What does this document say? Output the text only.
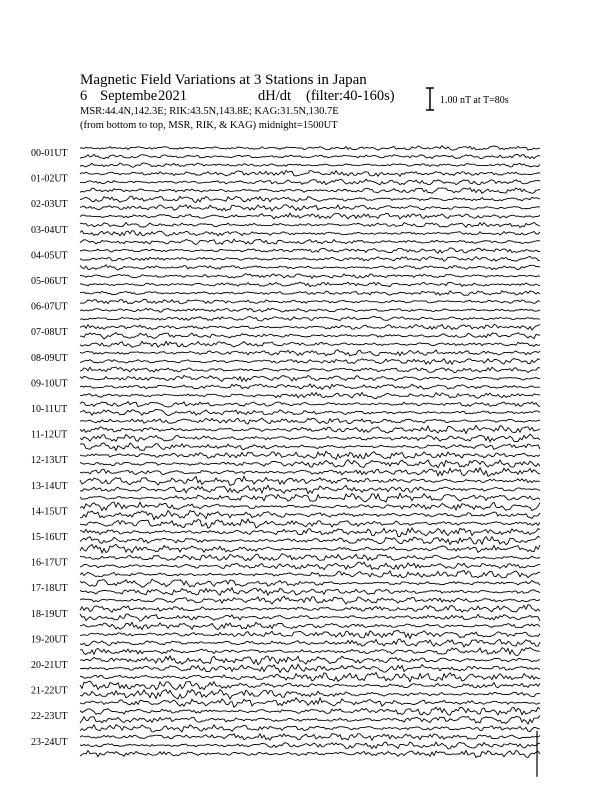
00-01UT
01-02UT
02-03UT
03-04UT
04-05UT
05-06UT
06-07UT
07-08UT
08-09UT
09-10UT
10-11UT
11-12UT
12-13UT
13-14UT
14-15UT
15-16UT
16-17UT
17-18UT
18-19UT
19-20UT
20-21UT
21-22UT
22-23UT
23-24UT
Magnetic Field Variations at 3 Stations in Japan
6 Septembe 2021	dH/dt (filter:40-160s)
MSR:44.4N,142.3E; RIK:43.5N,143.8E; KAG:31.5N,130.7E
(from bottom to top, MSR, RIK, & KAG) midnight=1500UT
1.00 nT at T=80s
